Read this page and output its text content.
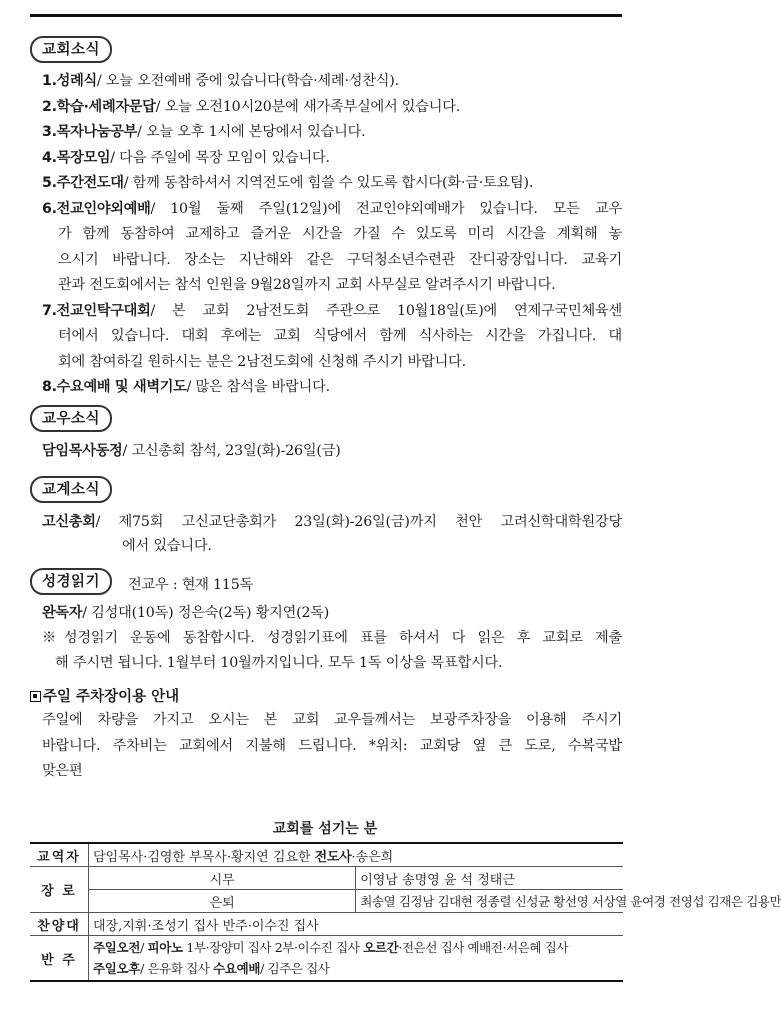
교회소식
1.성례식/ 오늘 오전예배 중에 있습니다(학습·세례·성찬식).
2.학습·세례자문답/ 오늘 오전10시20분에 새가족부실에서 있습니다.
3.목자나눔공부/ 오늘 오후 1시에 본당에서 있습니다.
4.목장모임/ 다음 주일에 목장 모임이 있습니다.
5.주간전도대/ 함께 동참하셔서 지역전도에 힘쓸 수 있도록 합시다(화·금·토요팀).
6.전교인야외예배/ 10월 둘째 주일(12일)에 전교인야외예배가 있습니다. 모든 교우
가 함께 동참하여 교제하고 즐거운 시간을 가질 수 있도록 미리 시간을 계획해 놓
으시기 바랍니다. 장소는 지난해와 같은 구덕청소년수련관 잔디광장입니다. 교육기
관과 전도회에서는 참석 인원을 9월28일까지 교회 사무실로 알려주시기 바랍니다.
7.전교인탁구대회/ 본 교회 2남전도회 주관으로 10월18일(토)에 연제구국민체육센
터에서 있습니다. 대회 후에는 교회 식당에서 함께 식사하는 시간을 가집니다. 대
회에 참여하길 원하시는 분은 2남전도회에 신청해 주시기 바랍니다.
8.수요예배 및 새벽기도/ 많은 참석을 바랍니다.
교우소식
담임목사동정/ 고신총회 참석, 23일(화)-26일(금)
교계소식
고신총회/ 제75회 고신교단총회가 23일(화)-26일(금)까지 천안 고려신학대학원강당
에서 있습니다.
성경읽기	전교우 : 현재 115독
완독자/ 김성대(10독) 정은숙(2독) 황지연(2독)
※성경읽기 운동에 동참합시다. 성경읽기표에 표를 하셔서 다 읽은 후 교회로 제출
해 주시면 됩니다. 1월부터 10월까지입니다. 모두 1독 이상을 목표합시다.
주일 주차장이용 안내
주일에 차량을 가지고 오시는 본 교회 교우들께서는 보광주차장을 이용해 주시기
바랍니다. 주차비는 교회에서 지불해 드립니다. *위치: 교회당 옆 큰 도로, 수복국밥
맞은편
교회를 섬기는 분
교역자	담임목사·김영한 부목사·황지연 김요한 전도사·송은희	
장 로	시무	이영남 송명영 윤 석 정태근
	은퇴	최송열 김정남 김대현 정종렬 신성균 황선영 서상열 윤여경 전영섭 김재은 김용만
찬양대	대장,지휘·조성기 집사 반주·이수진 집사	
반 주	주일오전/ 피아노 1부·장양미 집사 2부·이수진 집사 오르간·전은선 집사 예배전·서은혜 집사
주일오후/ 은유화 집사 수요예배/ 김주은 집사	
